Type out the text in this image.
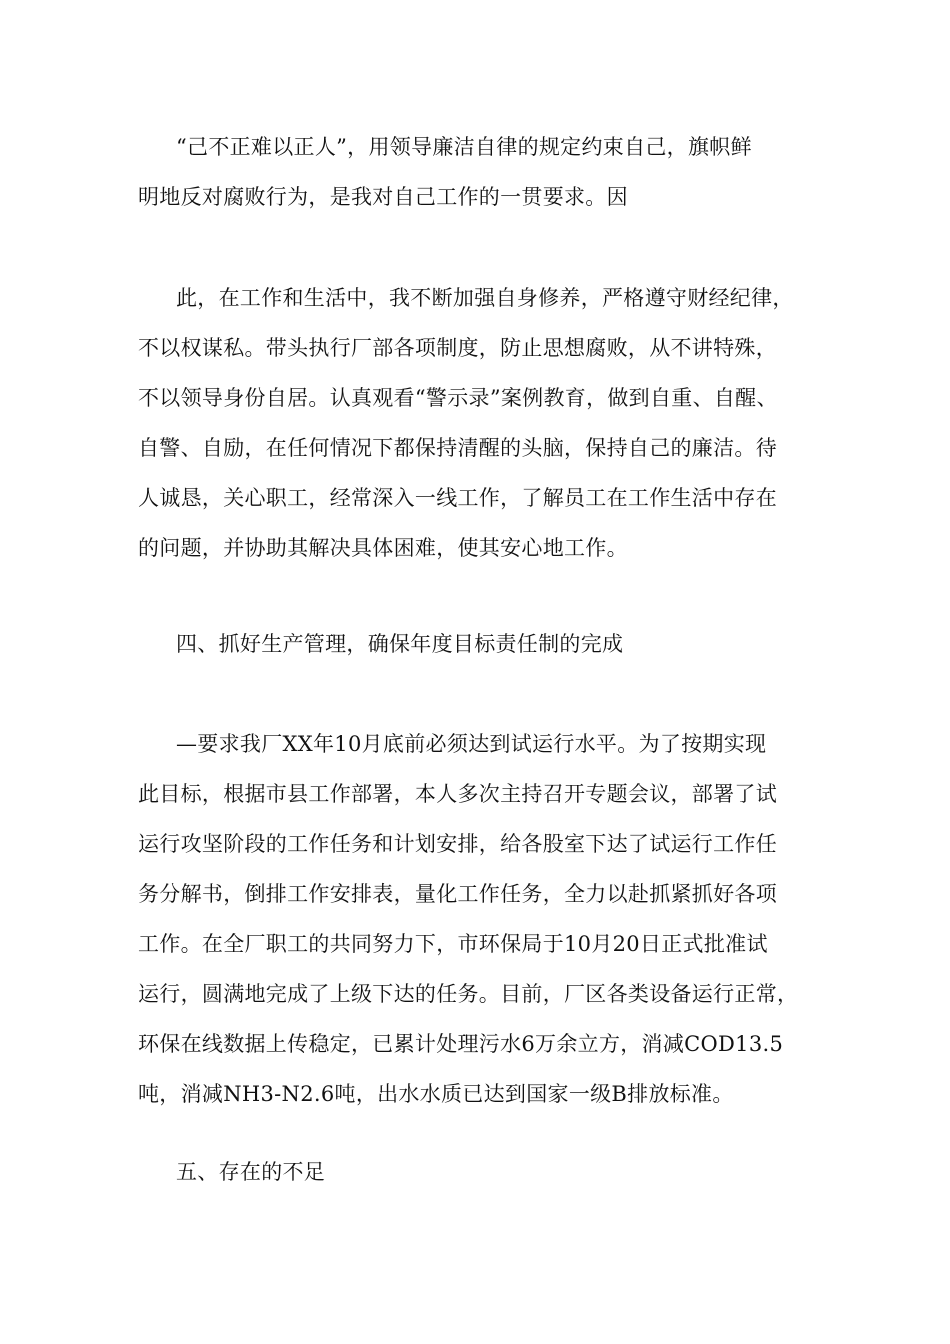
“己不正难以正人”，用领导廉洁自律的规定约束自己，旗帜鲜
明地反对腐败行为，是我对自己工作的一贯要求。因
此，在工作和生活中，我不断加强自身修养，严格遵守财经纪律，
不以权谋私。带头执行厂部各项制度，防止思想腐败，从不讲特殊，
不以领导身份自居。认真观看“警示录”案例教育，做到自重、自醒、
自警、自励，在任何情况下都保持清醒的头脑，保持自己的廉洁。待
人诚恳，关心职工，经常深入一线工作，了解员工在工作生活中存在
的问题，并协助其解决具体困难，使其安心地工作。
四、抓好生产管理，确保年度目标责任制的完成
—要求我厂XX年10月底前必须达到试运行水平。为了按期实现
此目标，根据市县工作部署，本人多次主持召开专题会议，部署了试
运行攻坚阶段的工作任务和计划安排，给各股室下达了试运行工作任
务分解书，倒排工作安排表，量化工作任务，全力以赴抓紧抓好各项
工作。在全厂职工的共同努力下，市环保局于10月20日正式批准试
运行，圆满地完成了上级下达的任务。目前，厂区各类设备运行正常，
环保在线数据上传稳定，已累计处理污水6万余立方，消减COD13.5
吨，消减NH3-N2.6吨，出水水质已达到国家一级B排放标准。
五、存在的不足
